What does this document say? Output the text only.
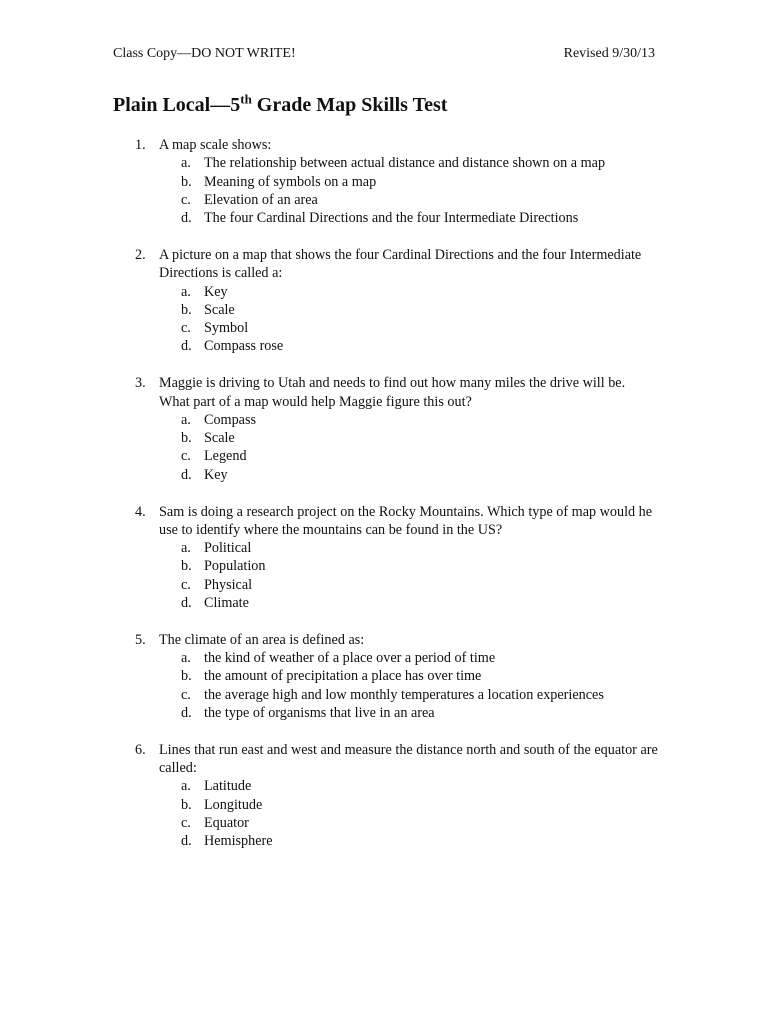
Class Copy—DO NOT WRITE!	Revised 9/30/13
Plain Local—5th Grade Map Skills Test
1. A map scale shows:
a. The relationship between actual distance and distance shown on a map
b. Meaning of symbols on a map
c. Elevation of an area
d. The four Cardinal Directions and the four Intermediate Directions
2. A picture on a map that shows the four Cardinal Directions and the four Intermediate Directions is called a:
a. Key
b. Scale
c. Symbol
d. Compass rose
3. Maggie is driving to Utah and needs to find out how many miles the drive will be. What part of a map would help Maggie figure this out?
a. Compass
b. Scale
c. Legend
d. Key
4. Sam is doing a research project on the Rocky Mountains. Which type of map would he use to identify where the mountains can be found in the US?
a. Political
b. Population
c. Physical
d. Climate
5. The climate of an area is defined as:
a. the kind of weather of a place over a period of time
b. the amount of precipitation a place has over time
c. the average high and low monthly temperatures a location experiences
d. the type of organisms that live in an area
6. Lines that run east and west and measure the distance north and south of the equator are called:
a. Latitude
b. Longitude
c. Equator
d. Hemisphere
